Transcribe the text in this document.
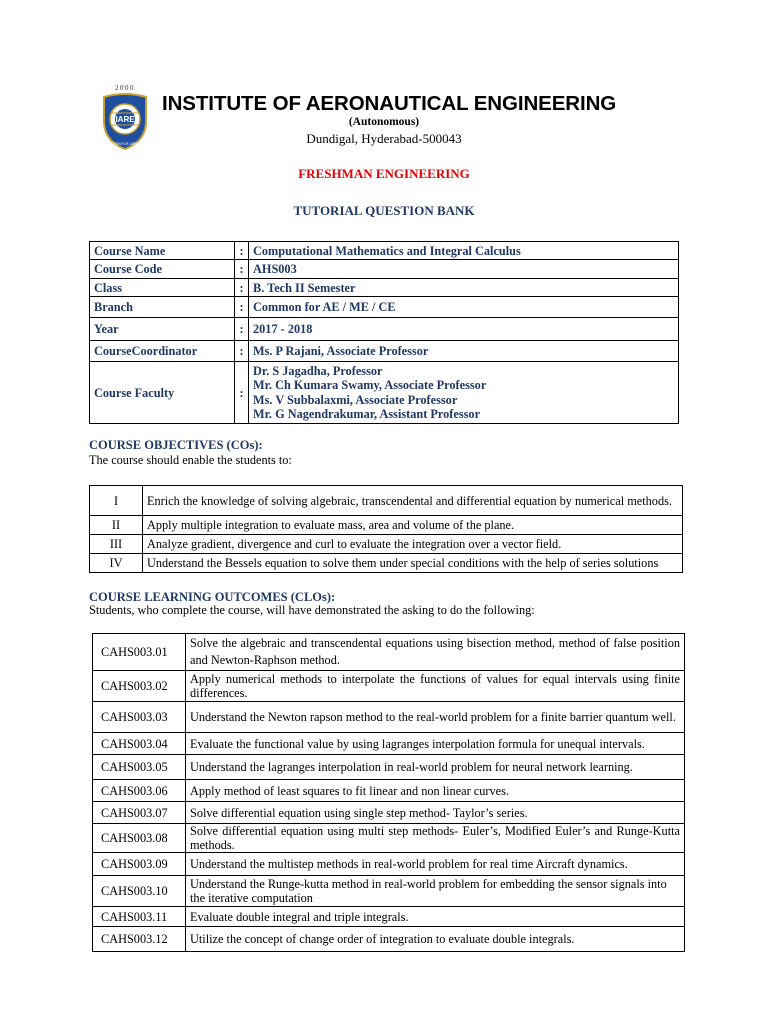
2000
IARE
EDUCATION FOR LIBERATION
INSTITUTE OF AERONAUTICAL ENGINEERING
(Autonomous)
Dundigal, Hyderabad-500043
FRESHMAN ENGINEERING
TUTORIAL QUESTION BANK
Course Name	:	Computational Mathematics and Integral Calculus
Course Code	:	AHS003
Class	:	B. Tech II Semester
Branch	:	Common for AE / ME / CE
Year	:	2017 - 2018
CourseCoordinator	:	Ms. P Rajani, Associate Professor
Course Faculty	:	Dr. S Jagadha, Professor
Mr. Ch Kumara Swamy, Associate Professor
Ms. V Subbalaxmi, Associate Professor
Mr. G Nagendrakumar, Assistant Professor
COURSE OBJECTIVES (COs):
The course should enable the students to:
I	Enrich the knowledge of solving algebraic, transcendental and differential equation by numerical methods.
II	Apply multiple integration to evaluate mass, area and volume of the plane.
III	Analyze gradient, divergence and curl to evaluate the integration over a vector field.
IV	Understand the Bessels equation to solve them under special conditions with the help of series solutions
COURSE LEARNING OUTCOMES (CLOs):
Students, who complete the course, will have demonstrated the asking to do the following:
CAHS003.01	Solve the algebraic and transcendental equations using bisection method, method of false position and Newton-Raphson method.
CAHS003.02	Apply numerical methods to interpolate the functions of values for equal intervals using finite differences.
CAHS003.03	Understand the Newton rapson method to the real-world problem for a finite barrier quantum well.
CAHS003.04	Evaluate the functional value by using lagranges interpolation formula for unequal intervals.
CAHS003.05	Understand the lagranges interpolation in real-world problem for neural network learning.
CAHS003.06	Apply method of least squares to fit linear and non linear curves.
CAHS003.07	Solve differential equation using single step method- Taylor’s series.
CAHS003.08	Solve differential equation using multi step methods- Euler’s, Modified Euler’s and Runge-Kutta methods.
CAHS003.09	Understand the multistep methods in real-world problem for real time Aircraft dynamics.
CAHS003.10	Understand the Runge-kutta method in real-world problem for embedding the sensor signals into the iterative computation
CAHS003.11	Evaluate double integral and triple integrals.
CAHS003.12	Utilize the concept of change order of integration to evaluate double integrals.
